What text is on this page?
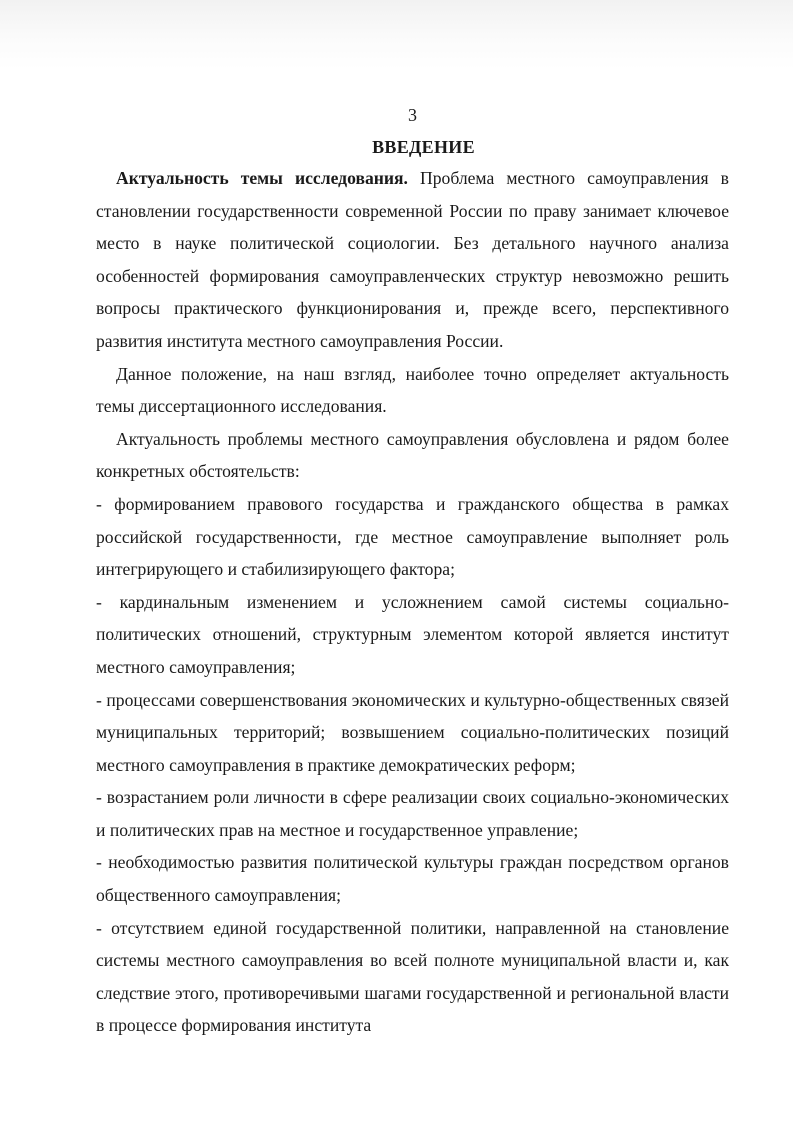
3
ВВЕДЕНИЕ

Актуальность темы исследования. Проблема местного самоуправления в становлении государственности современной России по праву занимает ключевое место в науке политической социологии. Без детального научного анализа особенностей формирования самоуправленческих структур невозможно решить вопросы практического функционирования и, прежде всего, перспективного развития института местного самоуправления России.

Данное положение, на наш взгляд, наиболее точно определяет актуальность темы диссертационного исследования.

Актуальность проблемы местного самоуправления обусловлена и рядом более конкретных обстоятельств:

- формированием правового государства и гражданского общества в рамках российской государственности, где местное самоуправление выполняет роль интегрирующего и стабилизирующего фактора;

- кардинальным изменением и усложнением самой системы социально-политических отношений, структурным элементом которой является институт местного самоуправления;

- процессами совершенствования экономических и культурно-общественных связей муниципальных территорий; возвышением социально-политических позиций местного самоуправления в практике демократических реформ;

- возрастанием роли личности в сфере реализации своих социально-экономических и политических прав на местное и государственное управление;

- необходимостью развития политической культуры граждан посредством органов общественного самоуправления;

- отсутствием единой государственной политики, направленной на становление системы местного самоуправления во всей полноте муниципальной власти и, как следствие этого, противоречивыми шагами государственной и региональной власти в процессе формирования института
